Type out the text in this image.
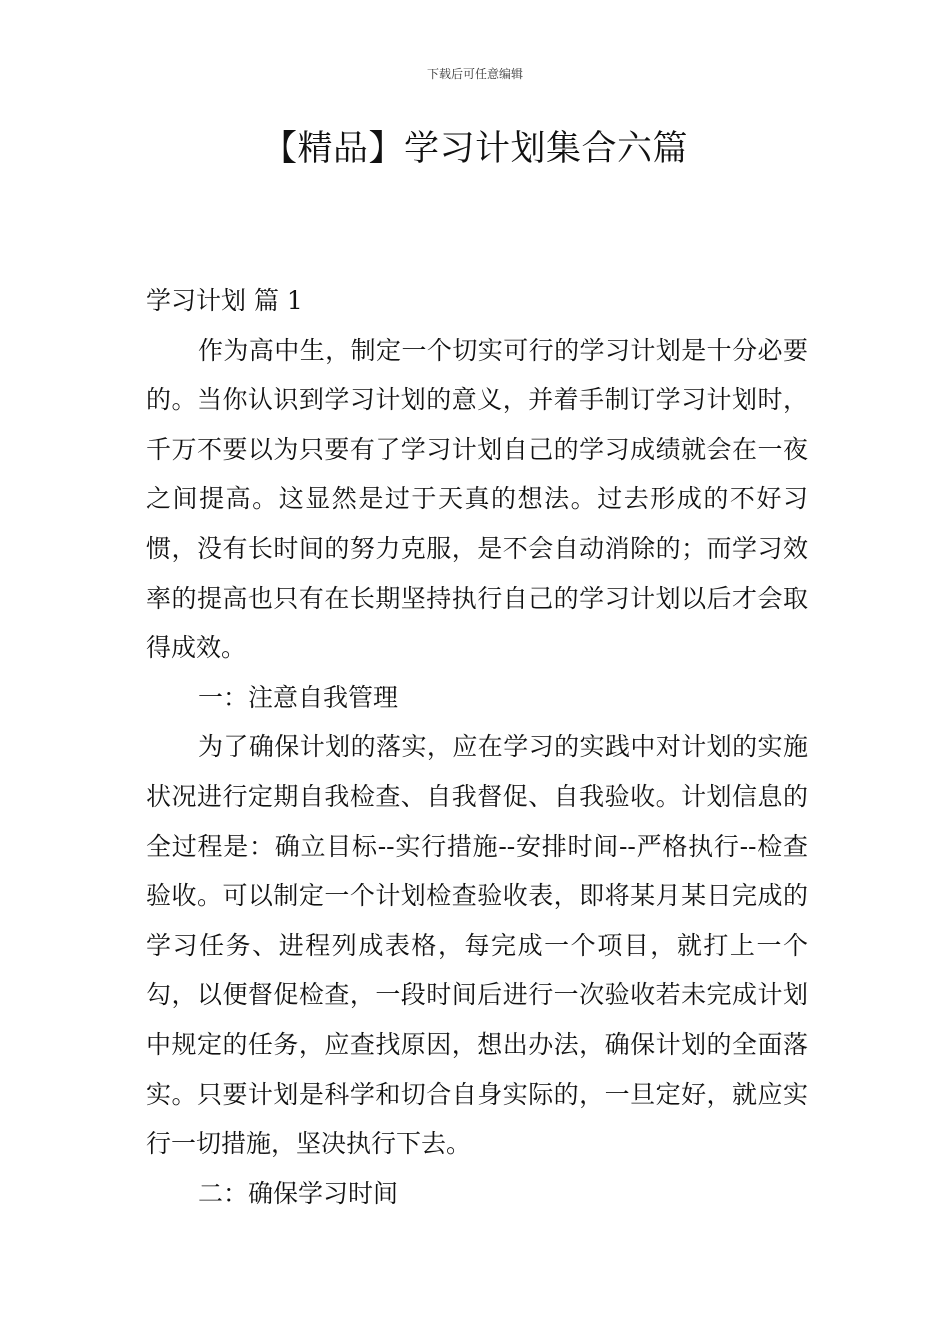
下载后可任意编辑
【精品】学习计划集合六篇

学习计划 篇 1

作为高中生，制定一个切实可行的学习计划是十分必要的。当你认识到学习计划的意义，并着手制订学习计划时，千万不要以为只要有了学习计划自己的学习成绩就会在一夜之间提高。这显然是过于天真的想法。过去形成的不好习惯，没有长时间的努力克服，是不会自动消除的；而学习效率的提高也只有在长期坚持执行自己的学习计划以后才会取得成效。

一：注意自我管理

为了确保计划的落实，应在学习的实践中对计划的实施状况进行定期自我检查、自我督促、自我验收。计划信息的全过程是：确立目标--实行措施--安排时间--严格执行--检查验收。可以制定一个计划检查验收表，即将某月某日完成的学习任务、进程列成表格，每完成一个项目，就打上一个勾，以便督促检查，一段时间后进行一次验收若未完成计划中规定的任务，应查找原因，想出办法，确保计划的全面落实。只要计划是科学和切合自身实际的，一旦定好，就应实行一切措施，坚决执行下去。

二：确保学习时间
